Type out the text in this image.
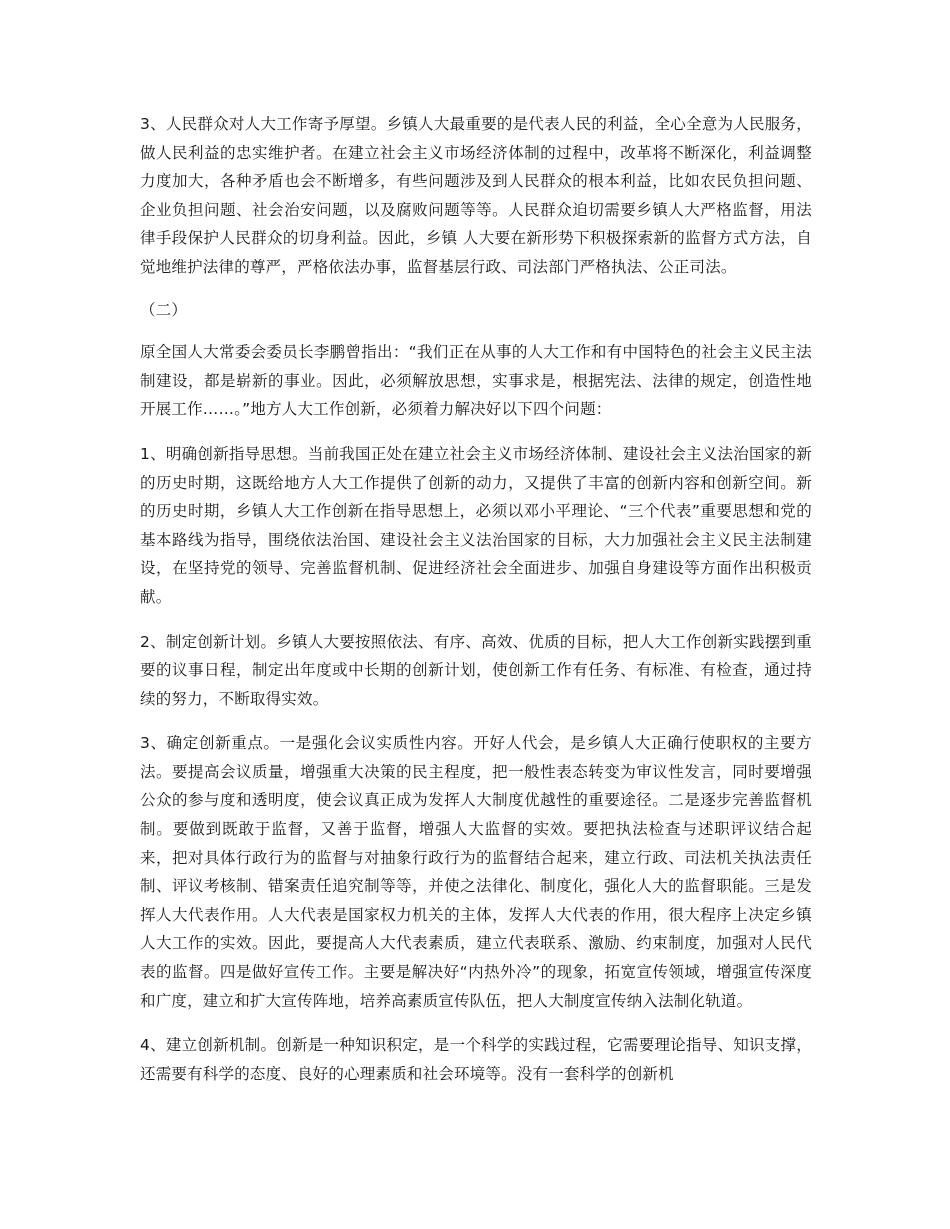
3、人民群众对人大工作寄予厚望。乡镇人大最重要的是代表人民的利益，全心全意为人民服务，做人民利益的忠实维护者。在建立社会主义市场经济体制的过程中，改革将不断深化，利益调整力度加大，各种矛盾也会不断增多，有些问题涉及到人民群众的根本利益，比如农民负担问题、企业负担问题、社会治安问题，以及腐败问题等等。人民群众迫切需要乡镇人大严格监督，用法律手段保护人民群众的切身利益。因此，乡镇 人大要在新形势下积极探索新的监督方式方法，自觉地维护法律的尊严，严格依法办事，监督基层行政、司法部门严格执法、公正司法。

（二）

原全国人大常委会委员长李鹏曾指出：“我们正在从事的人大工作和有中国特色的社会主义民主法制建设，都是崭新的事业。因此，必须解放思想，实事求是，根据宪法、法律的规定，创造性地开展工作……。”地方人大工作创新，必须着力解决好以下四个问题：

1、明确创新指导思想。当前我国正处在建立社会主义市场经济体制、建设社会主义法治国家的新的历史时期，这既给地方人大工作提供了创新的动力，又提供了丰富的创新内容和创新空间。新的历史时期，乡镇人大工作创新在指导思想上，必须以邓小平理论、“三个代表”重要思想和党的基本路线为指导，围绕依法治国、建设社会主义法治国家的目标，大力加强社会主义民主法制建设，在坚持党的领导、完善监督机制、促进经济社会全面进步、加强自身建设等方面作出积极贡献。

2、制定创新计划。乡镇人大要按照依法、有序、高效、优质的目标，把人大工作创新实践摆到重要的议事日程，制定出年度或中长期的创新计划，使创新工作有任务、有标准、有检查，通过持续的努力，不断取得实效。

3、确定创新重点。一是强化会议实质性内容。开好人代会，是乡镇人大正确行使职权的主要方法。要提高会议质量，增强重大决策的民主程度，把一般性表态转变为审议性发言，同时要增强公众的参与度和透明度，使会议真正成为发挥人大制度优越性的重要途径。二是逐步完善监督机制。要做到既敢于监督，又善于监督，增强人大监督的实效。要把执法检查与述职评议结合起来，把对具体行政行为的监督与对抽象行政行为的监督结合起来，建立行政、司法机关执法责任制、评议考核制、错案责任追究制等等，并使之法律化、制度化，强化人大的监督职能。三是发挥人大代表作用。人大代表是国家权力机关的主体，发挥人大代表的作用，很大程序上决定乡镇人大工作的实效。因此，要提高人大代表素质，建立代表联系、激励、约束制度，加强对人民代表的监督。四是做好宣传工作。主要是解决好“内热外冷”的现象，拓宽宣传领域，增强宣传深度和广度，建立和扩大宣传阵地，培养高素质宣传队伍，把人大制度宣传纳入法制化轨道。

4、建立创新机制。创新是一种知识积定，是一个科学的实践过程，它需要理论指导、知识支撑，还需要有科学的态度、良好的心理素质和社会环境等。没有一套科学的创新机
